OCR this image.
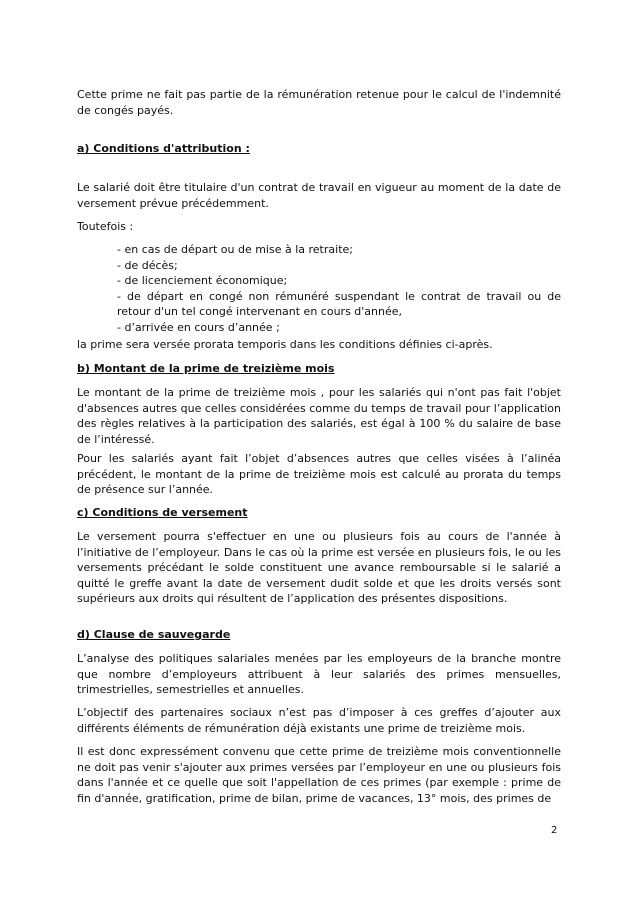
Cette prime ne fait pas partie de la rémunération retenue pour le calcul de l'indemnité de congés payés.
a) Conditions d'attribution :
Le salarié doit être titulaire d'un contrat de travail en vigueur au moment de la date de versement prévue précédemment.
Toutefois :
- en cas de départ ou de mise à la retraite;
- de décès;
- de licenciement économique;
- de départ en congé non rémunéré suspendant le contrat de travail ou de retour d'un tel congé intervenant en cours d'année,
- d’arrivée en cours d’année ;
la prime sera versée prorata temporis dans les conditions définies ci-après.
b) Montant de la prime de treizième mois
Le montant de la prime de treizième mois , pour les salariés qui n'ont pas fait l'objet d'absences autres que celles considérées comme du temps de travail pour l’application des règles relatives à la participation des salariés, est égal à 100 % du salaire de base de l’intéressé.
Pour les salariés ayant fait l’objet d’absences autres que celles visées à l’alinéa précédent, le montant de la prime de treizième mois est calculé au prorata du temps de présence sur l’année.
c) Conditions de versement
Le versement pourra s'effectuer en une ou plusieurs fois au cours de l'année à l’initiative de l’employeur. Dans le cas où la prime est versée en plusieurs fois, le ou les versements précédant le solde constituent une avance remboursable si le salarié a quitté le greffe avant la date de versement dudit solde et que les droits versés sont supérieurs aux droits qui résultent de l’application des présentes dispositions.
d) Clause de sauvegarde
L’analyse des politiques salariales menées par les employeurs de la branche montre que nombre d’employeurs attribuent à leur salariés des primes mensuelles, trimestrielles, semestrielles et annuelles.
L’objectif des partenaires sociaux n’est pas d’imposer à ces greffes d’ajouter aux différents éléments de rémunération déjà existants une prime de treizième mois.
Il est donc expressément convenu que cette prime de treizième mois conventionnelle ne doit pas venir s'ajouter aux primes versées par l’employeur en une ou plusieurs fois dans l'année et ce quelle que soit l'appellation de ces primes (par exemple : prime de fin d'année, gratification, prime de bilan, prime de vacances, 13° mois, des primes de
2
